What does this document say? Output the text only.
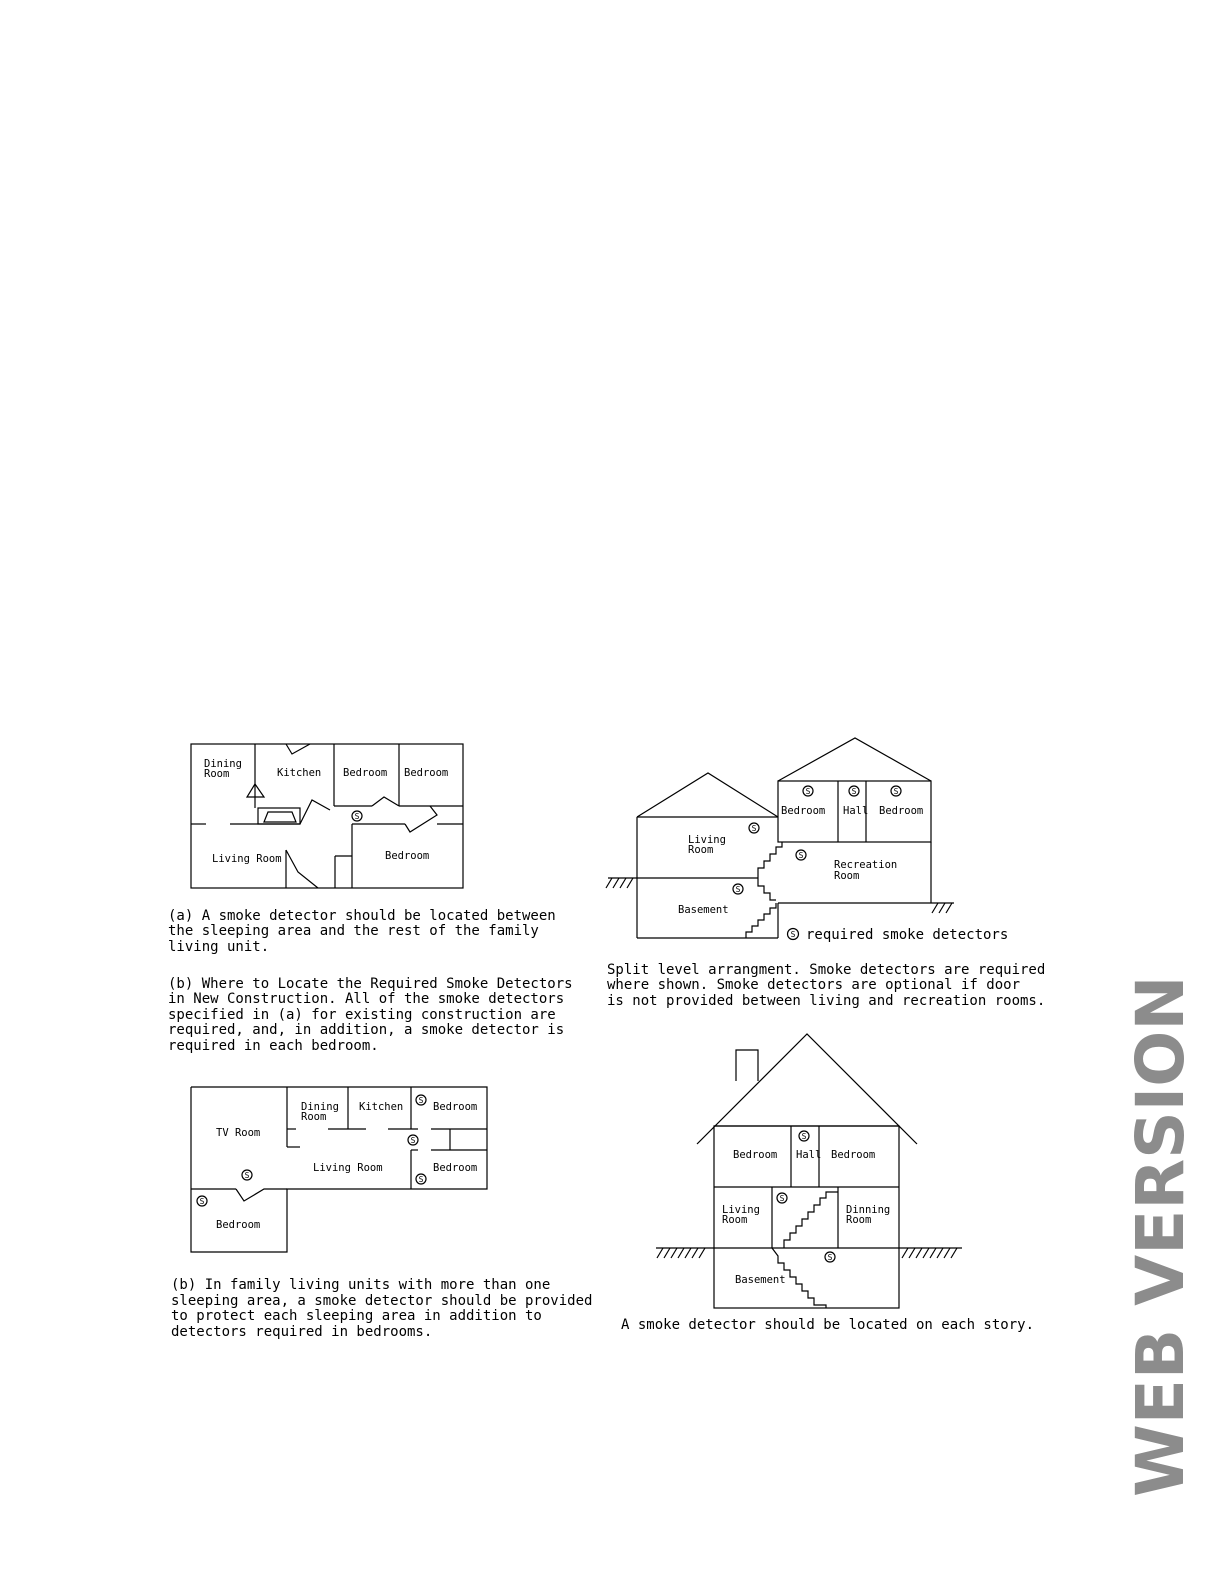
Dining
Room	Kitchen Bedroom Bedroom
Living Room	Bedroom
S
(a) A smoke detector should be located between
the sleeping area and the rest of the family
living unit.
(b) Where to Locate the Required Smoke Detectors
in New Construction. All of the smoke detectors
specified in (a) for existing construction are
required, and, in addition, a smoke detector is
required in each bedroom.
Bedroom Hall Bedroom
Living
Room
Recreation
Room
Basement
S	S	S
S
S
S
S required smoke detectors
Split level arrangment. Smoke detectors are required
where shown. Smoke detectors are optional if door
is not provided between living and recreation rooms.
TV Room
Dining
Room
Kitchen	Bedroom
Living Room	Bedroom
Bedroom
S
S
S
S
S
(b) In family living units with more than one
sleeping area, a smoke detector should be provided
to protect each sleeping area in addition to
detectors required in bedrooms.
Bedroom Hall Bedroom
Living
Room
Dinning
Room
Basement
S
S
S
A smoke detector should be located on each story. WEB VERSION
